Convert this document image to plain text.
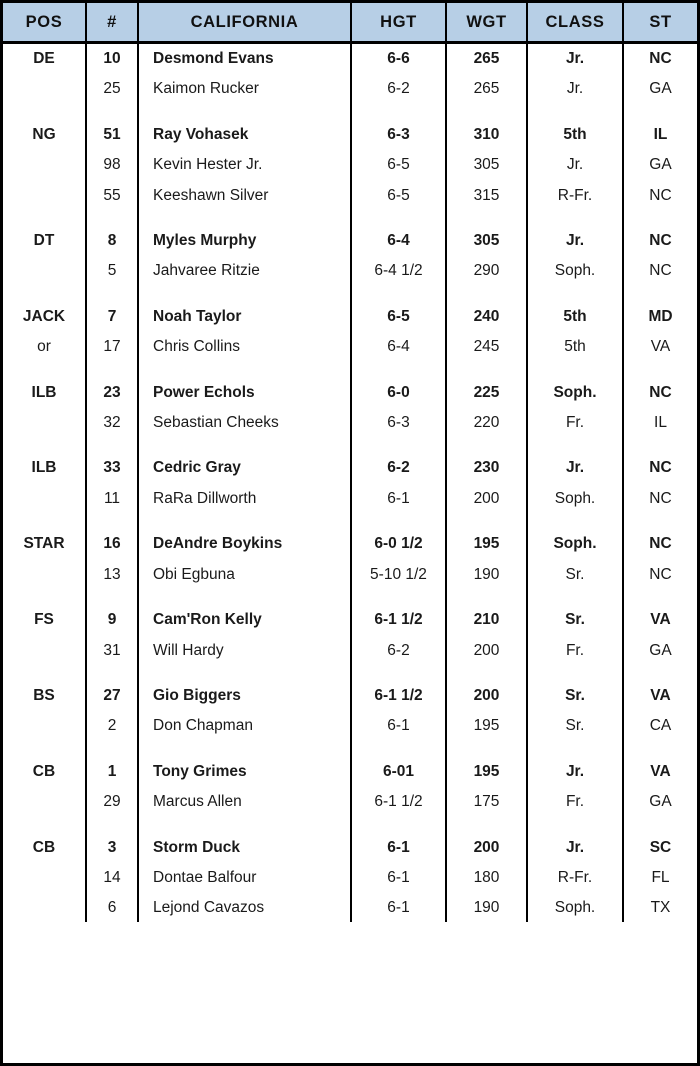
POS	#	CALIFORNIA	HGT	WGT	CLASS	ST
DE	10	Desmond Evans	6-6	265	Jr.	NC
	25	Kaimon Rucker	6-2	265	Jr.	GA

NG	51	Ray Vohasek	6-3	310	5th	IL
	98	Kevin Hester Jr.	6-5	305	Jr.	GA
	55	Keeshawn Silver	6-5	315	R-Fr.	NC

DT	8	Myles Murphy	6-4	305	Jr.	NC
	5	Jahvaree Ritzie	6-4 1/2	290	Soph.	NC

JACK	7	Noah Taylor	6-5	240	5th	MD
or	17	Chris Collins	6-4	245	5th	VA

ILB	23	Power Echols	6-0	225	Soph.	NC
	32	Sebastian Cheeks	6-3	220	Fr.	IL

ILB	33	Cedric Gray	6-2	230	Jr.	NC
	11	RaRa Dillworth	6-1	200	Soph.	NC

STAR	16	DeAndre Boykins	6-0 1/2	195	Soph.	NC
	13	Obi Egbuna	5-10 1/2	190	Sr.	NC

FS	9	Cam'Ron Kelly	6-1 1/2	210	Sr.	VA
	31	Will Hardy	6-2	200	Fr.	GA

BS	27	Gio Biggers	6-1 1/2	200	Sr.	VA
	2	Don Chapman	6-1	195	Sr.	CA

CB	1	Tony Grimes	6-01	195	Jr.	VA
	29	Marcus Allen	6-1 1/2	175	Fr.	GA

CB	3	Storm Duck	6-1	200	Jr.	SC
	14	Dontae Balfour	6-1	180	R-Fr.	FL
	6	Lejond Cavazos	6-1	190	Soph.	TX
